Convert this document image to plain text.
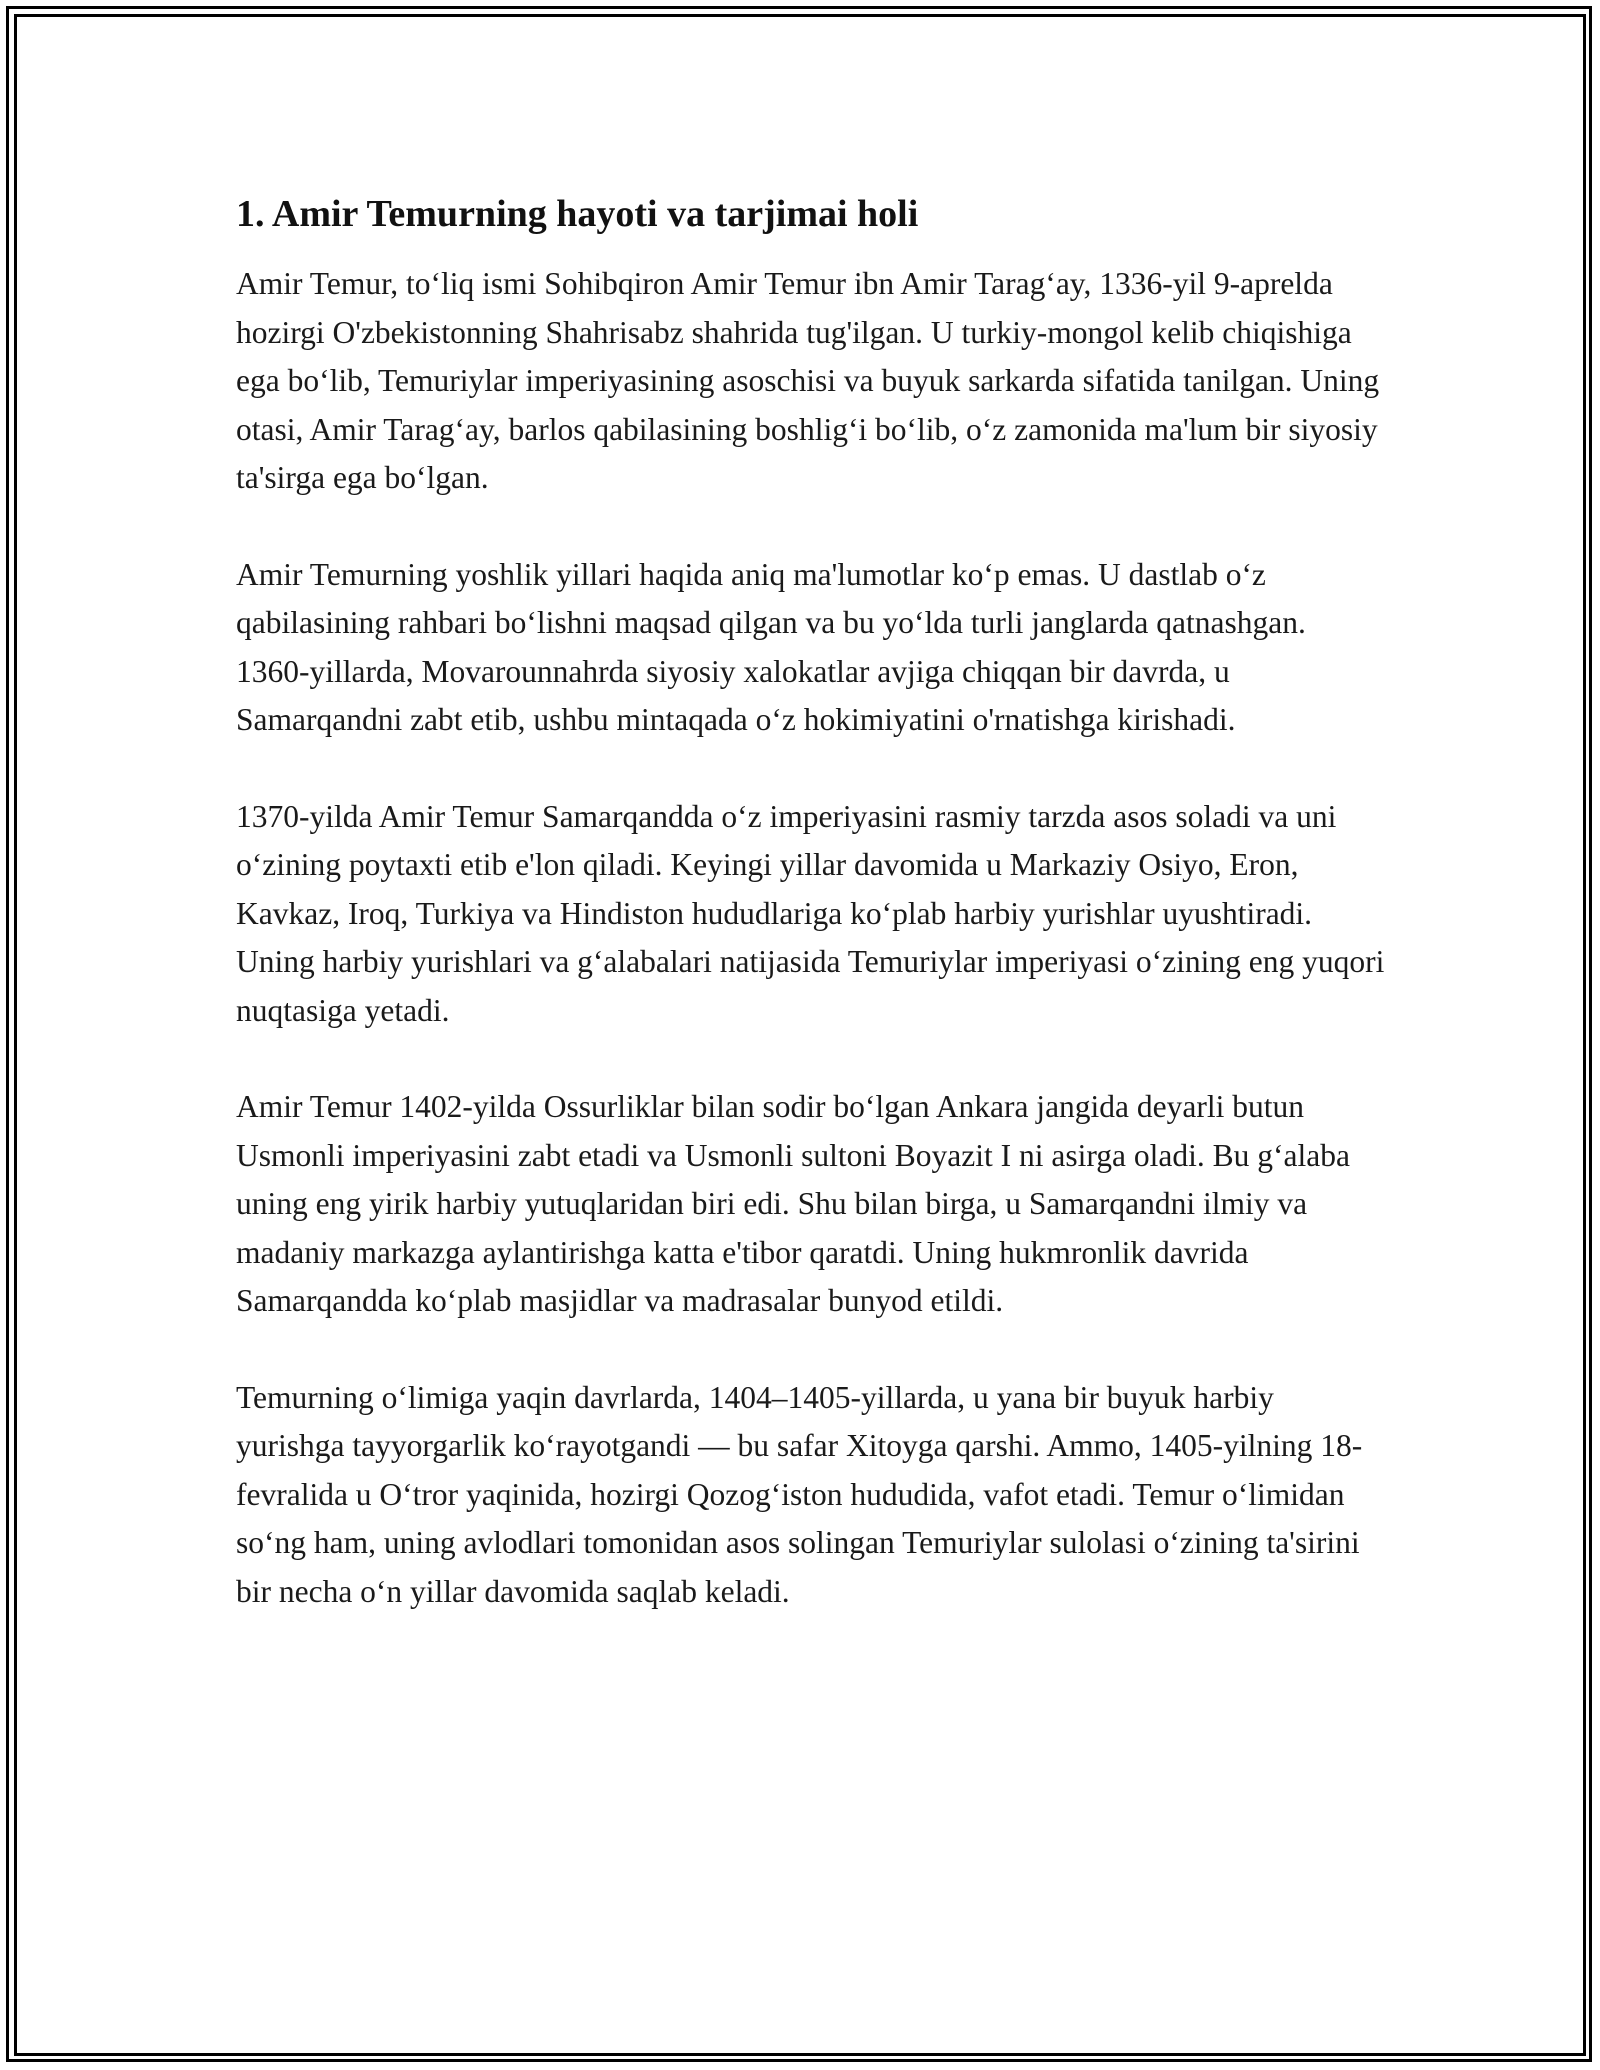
1. Amir Temurning hayoti va tarjimai holi

Amir Temur, to‘liq ismi Sohibqiron Amir Temur ibn Amir Tarag‘ay, 1336-yil 9-aprelda hozirgi O'zbekistonning Shahrisabz shahrida tug'ilgan. U turkiy-mongol kelib chiqishiga ega bo‘lib, Temuriylar imperiyasining asoschisi va buyuk sarkarda sifatida tanilgan. Uning otasi, Amir Tarag‘ay, barlos qabilasining boshlig‘i bo‘lib, o‘z zamonida ma'lum bir siyosiy ta'sirga ega bo‘lgan.

Amir Temurning yoshlik yillari haqida aniq ma'lumotlar ko‘p emas. U dastlab o‘z qabilasining rahbari bo‘lishni maqsad qilgan va bu yo‘lda turli janglarda qatnashgan. 1360-yillarda, Movarounnahrda siyosiy xalokatlar avjiga chiqqan bir davrda, u Samarqandni zabt etib, ushbu mintaqada o‘z hokimiyatini o'rnatishga kirishadi.

1370-yilda Amir Temur Samarqandda o‘z imperiyasini rasmiy tarzda asos soladi va uni o‘zining poytaxti etib e'lon qiladi. Keyingi yillar davomida u Markaziy Osiyo, Eron, Kavkaz, Iroq, Turkiya va Hindiston hududlariga ko‘plab harbiy yurishlar uyushtiradi. Uning harbiy yurishlari va g‘alabalari natijasida Temuriylar imperiyasi o‘zining eng yuqori nuqtasiga yetadi.

Amir Temur 1402-yilda Ossurliklar bilan sodir bo‘lgan Ankara jangida deyarli butun Usmonli imperiyasini zabt etadi va Usmonli sultoni Boyazit I ni asirga oladi. Bu g‘alaba uning eng yirik harbiy yutuqlaridan biri edi. Shu bilan birga, u Samarqandni ilmiy va madaniy markazga aylantirishga katta e'tibor qaratdi. Uning hukmronlik davrida Samarqandda ko‘plab masjidlar va madrasalar bunyod etildi.

Temurning o‘limiga yaqin davrlarda, 1404–1405-yillarda, u yana bir buyuk harbiy yurishga tayyorgarlik ko‘rayotgandi — bu safar Xitoyga qarshi. Ammo, 1405-yilning 18-fevralida u O‘tror yaqinida, hozirgi Qozog‘iston hududida, vafot etadi. Temur o‘limidan so‘ng ham, uning avlodlari tomonidan asos solingan Temuriylar sulolasi o‘zining ta'sirini bir necha o‘n yillar davomida saqlab keladi.
